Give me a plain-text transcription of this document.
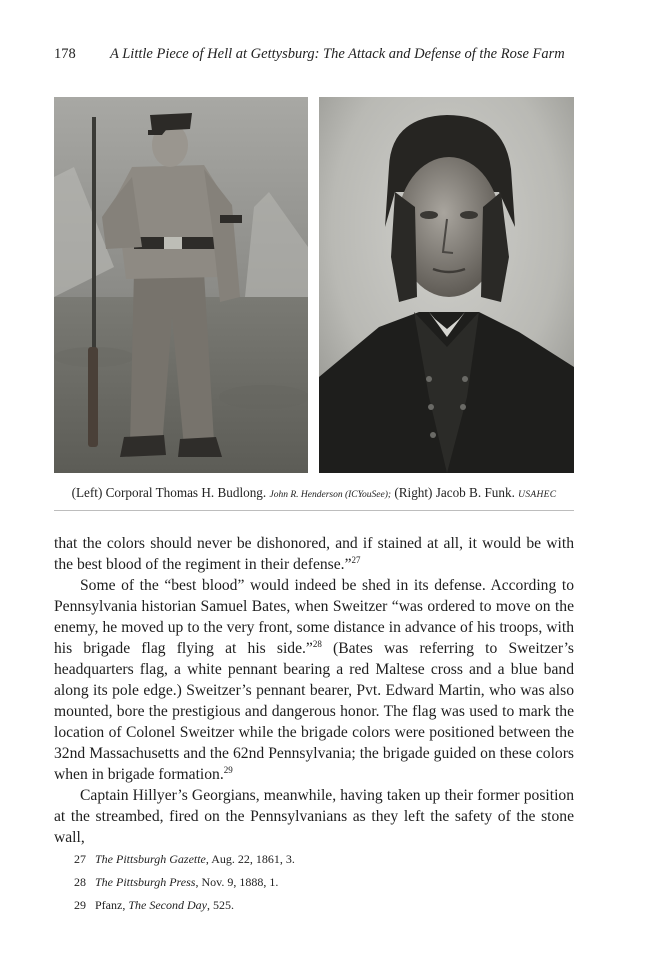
178 A Little Piece of Hell at Gettysburg: The Attack and Defense of the Rose Farm
(Left) Corporal Thomas H. Budlong. John R. Henderson (ICYouSee); (Right) Jacob B. Funk. USAHEC

that the colors should never be dishonored, and if stained at all, it would be with the best blood of the regiment in their defense.”$^{27}$

Some of the “best blood” would indeed be shed in its defense. According to Pennsylvania historian Samuel Bates, when Sweitzer “was ordered to move on the enemy, he moved up to the very front, some distance in advance of his troops, with his brigade flag flying at his side.”$^{28}$ (Bates was referring to Sweitzer’s headquarters flag, a white pennant bearing a red Maltese cross and a blue band along its pole edge.) Sweitzer’s pennant bearer, Pvt. Edward Martin, who was also mounted, bore the prestigious and dangerous honor. The flag was used to mark the location of Colonel Sweitzer while the brigade colors were positioned between the 32nd Massachusetts and the 62nd Pennsylvania; the brigade guided on these colors when in brigade formation.$^{29}$

Captain Hillyer’s Georgians, meanwhile, having taken up their former position at the streambed, fired on the Pennsylvanians as they left the safety of the stone wall,

27 The Pittsburgh Gazette, Aug. 22, 1861, 3.
28 The Pittsburgh Press, Nov. 9, 1888, 1.
29 Pfanz, The Second Day, 525.
